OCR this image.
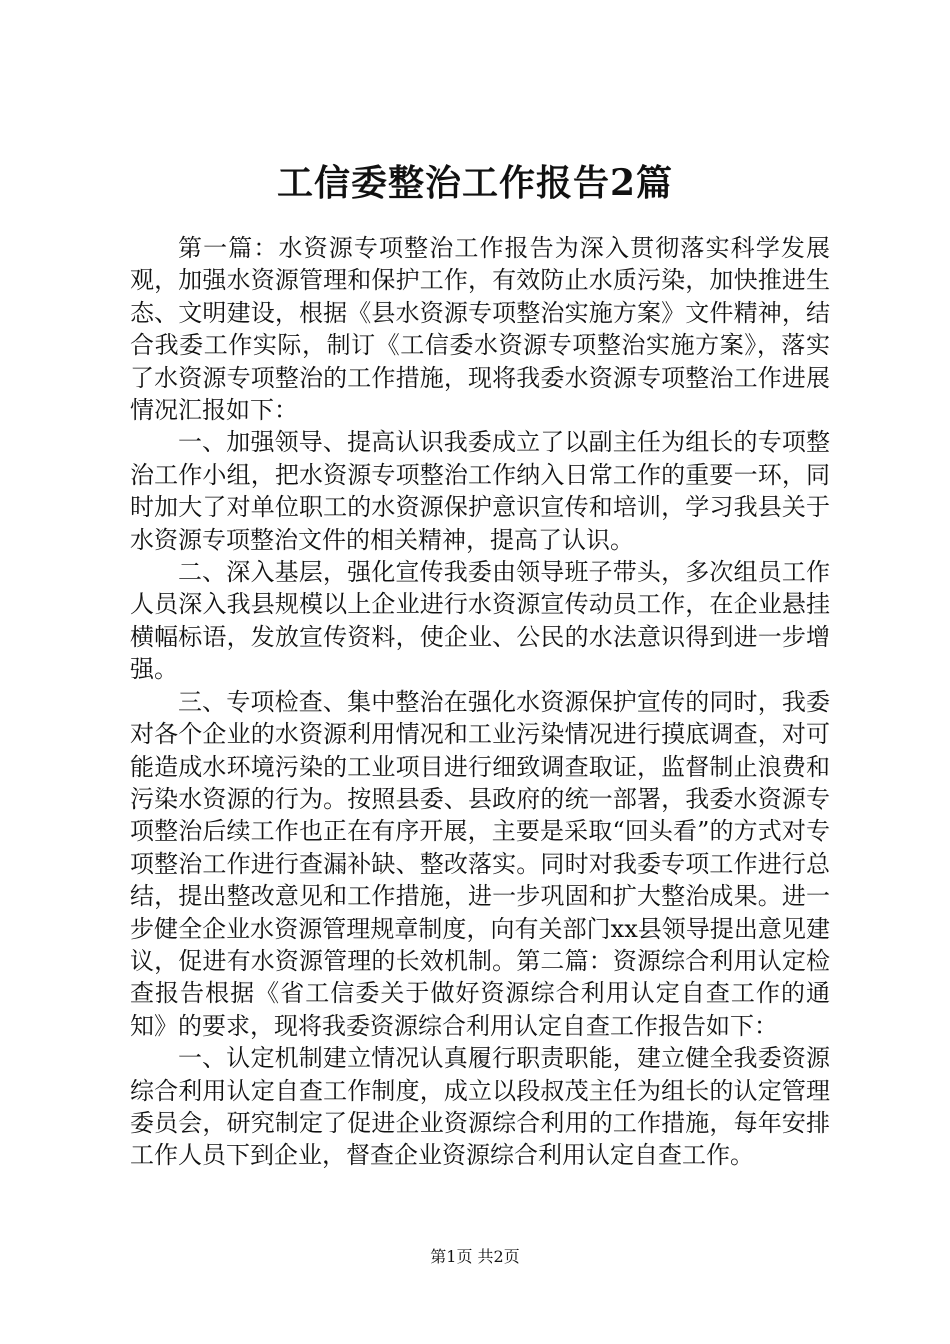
工信委整治工作报告2篇

第一篇：水资源专项整治工作报告为深入贯彻落实科学发展观，加强水资源管理和保护工作，有效防止水质污染，加快推进生态、文明建设，根据《县水资源专项整治实施方案》文件精神，结合我委工作实际，制订《工信委水资源专项整治实施方案》，落实了水资源专项整治的工作措施，现将我委水资源专项整治工作进展情况汇报如下：

一、加强领导、提高认识我委成立了以副主任为组长的专项整治工作小组，把水资源专项整治工作纳入日常工作的重要一环，同时加大了对单位职工的水资源保护意识宣传和培训，学习我县关于水资源专项整治文件的相关精神，提高了认识。

二、深入基层，强化宣传我委由领导班子带头，多次组员工作人员深入我县规模以上企业进行水资源宣传动员工作，在企业悬挂横幅标语，发放宣传资料，使企业、公民的水法意识得到进一步增强。

三、专项检查、集中整治在强化水资源保护宣传的同时，我委对各个企业的水资源利用情况和工业污染情况进行摸底调查，对可能造成水环境污染的工业项目进行细致调查取证，监督制止浪费和污染水资源的行为。按照县委、县政府的统一部署，我委水资源专项整治后续工作也正在有序开展，主要是采取“回头看”的方式对专项整治工作进行查漏补缺、整改落实。同时对我委专项工作进行总结，提出整改意见和工作措施，进一步巩固和扩大整治成果。进一步健全企业水资源管理规章制度，向有关部门xx县领导提出意见建议，促进有水资源管理的长效机制。第二篇：资源综合利用认定检查报告根据《省工信委关于做好资源综合利用认定自查工作的通知》的要求，现将我委资源综合利用认定自查工作报告如下：

一、认定机制建立情况认真履行职责职能，建立健全我委资源综合利用认定自查工作制度，成立以段叔茂主任为组长的认定管理委员会，研究制定了促进企业资源综合利用的工作措施，每年安排工作人员下到企业，督查企业资源综合利用认定自查工作。

第1页 共2页
